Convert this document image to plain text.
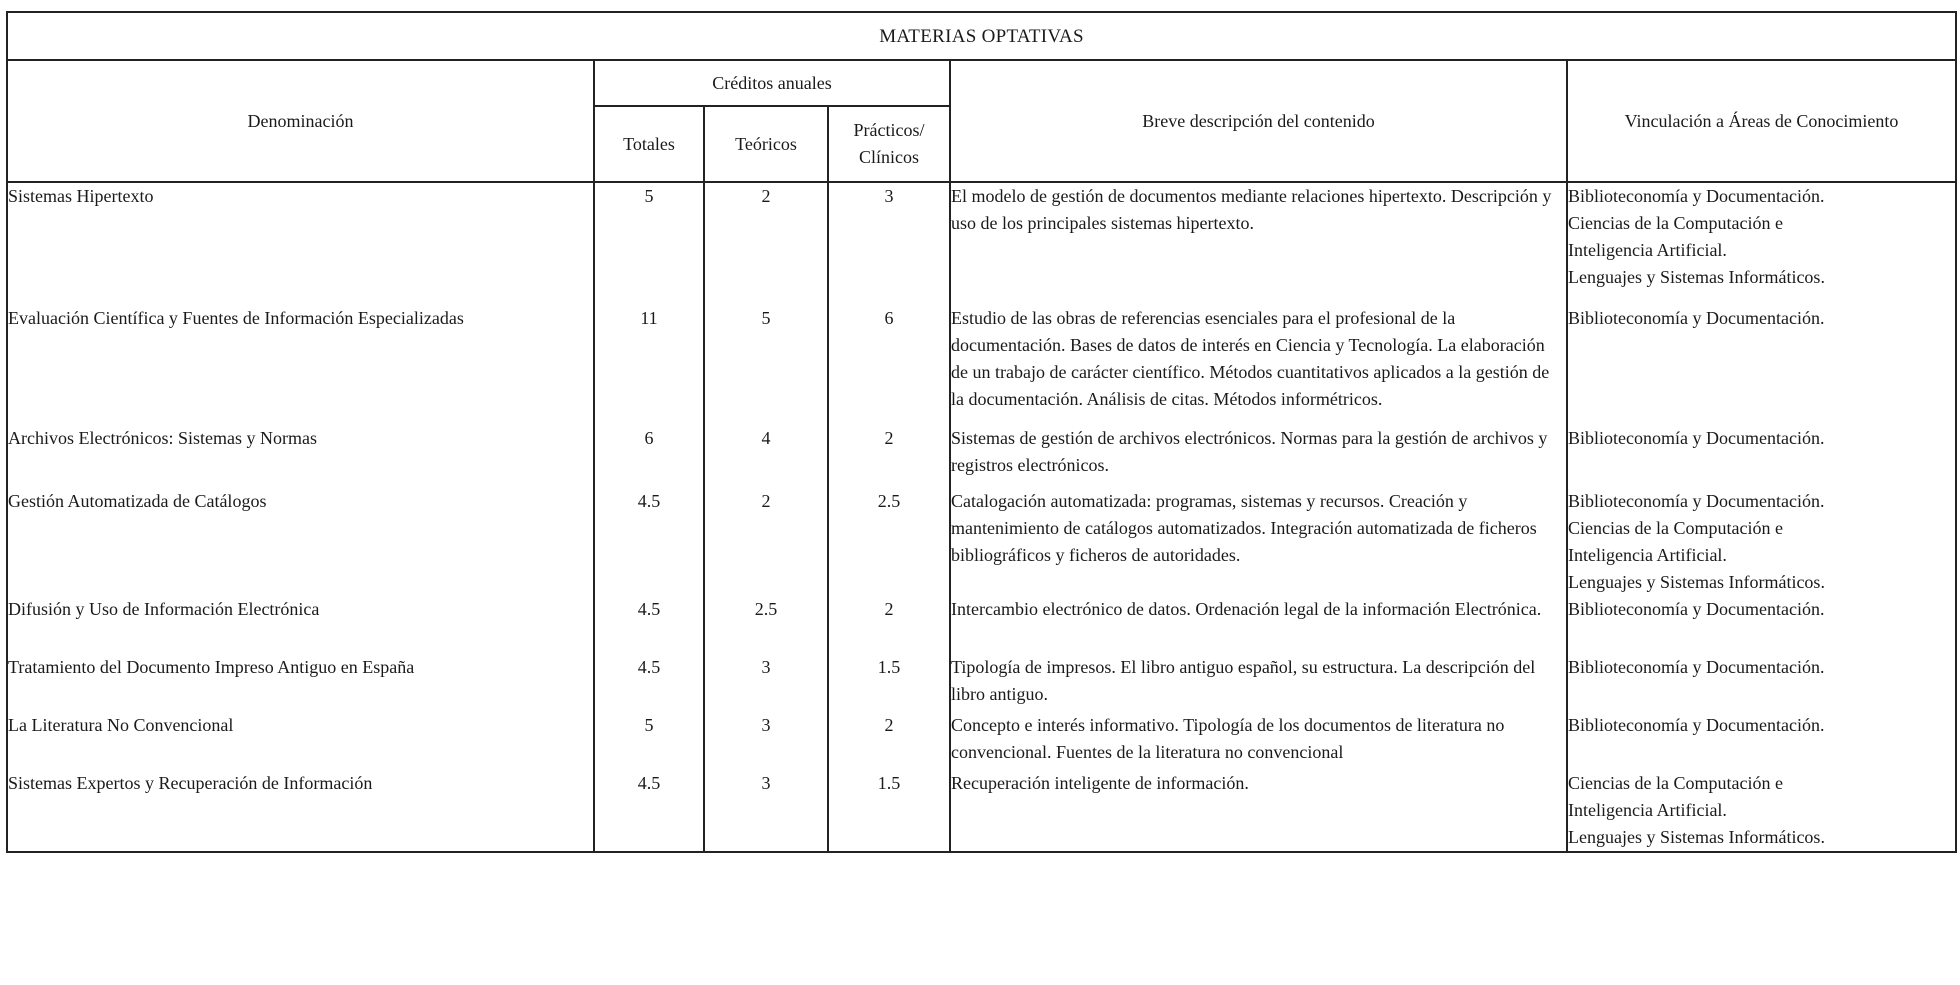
MATERIAS OPTATIVAS					
Denominación	Créditos anuales			Breve descripción del contenido	Vinculación a Áreas de Conocimiento
	Totales	Teóricos	Prácticos/
Clínicos		

Sistemas Hipertexto	5	2	3	El modelo de gestión de documentos mediante relaciones hipertexto. Descripción y uso de los principales sistemas hipertexto.	Biblioteconomía y Documentación.
Ciencias de la Computación e
Inteligencia Artificial.
Lenguajes y Sistemas Informáticos.

Evaluación Científica y Fuentes de Información Especializadas	11	5	6	Estudio de las obras de referencias esenciales para el profesional de la documentación. Bases de datos de interés en Ciencia y Tecnología. La elaboración de un trabajo de carácter científico. Métodos cuantitativos aplicados a la gestión de la documentación. Análisis de citas. Métodos informétricos.	Biblioteconomía y Documentación.

Archivos Electrónicos: Sistemas y Normas	6	4	2	Sistemas de gestión de archivos electrónicos. Normas para la gestión de archivos y registros electrónicos.	Biblioteconomía y Documentación.

Gestión Automatizada de Catálogos	4.5	2	2.5	Catalogación automatizada: programas, sistemas y recursos. Creación y mantenimiento de catálogos automatizados. Integración automatizada de ficheros bibliográficos y ficheros de autoridades.	Biblioteconomía y Documentación.
Ciencias de la Computación e
Inteligencia Artificial.
Lenguajes y Sistemas Informáticos.

Difusión y Uso de Información Electrónica	4.5	2.5	2	Intercambio electrónico de datos. Ordenación legal de la información Electrónica.	Biblioteconomía y Documentación.

Tratamiento del Documento Impreso Antiguo en España	4.5	3	1.5	Tipología de impresos. El libro antiguo español, su estructura. La descripción del libro antiguo.	Biblioteconomía y Documentación.

La Literatura No Convencional	5	3	2	Concepto e interés informativo. Tipología de los documentos de literatura no convencional. Fuentes de la literatura no convencional	Biblioteconomía y Documentación.

Sistemas Expertos y Recuperación de Información	4.5	3	1.5	Recuperación inteligente de información.	Ciencias de la Computación e
Inteligencia Artificial.
Lenguajes y Sistemas Informáticos.
